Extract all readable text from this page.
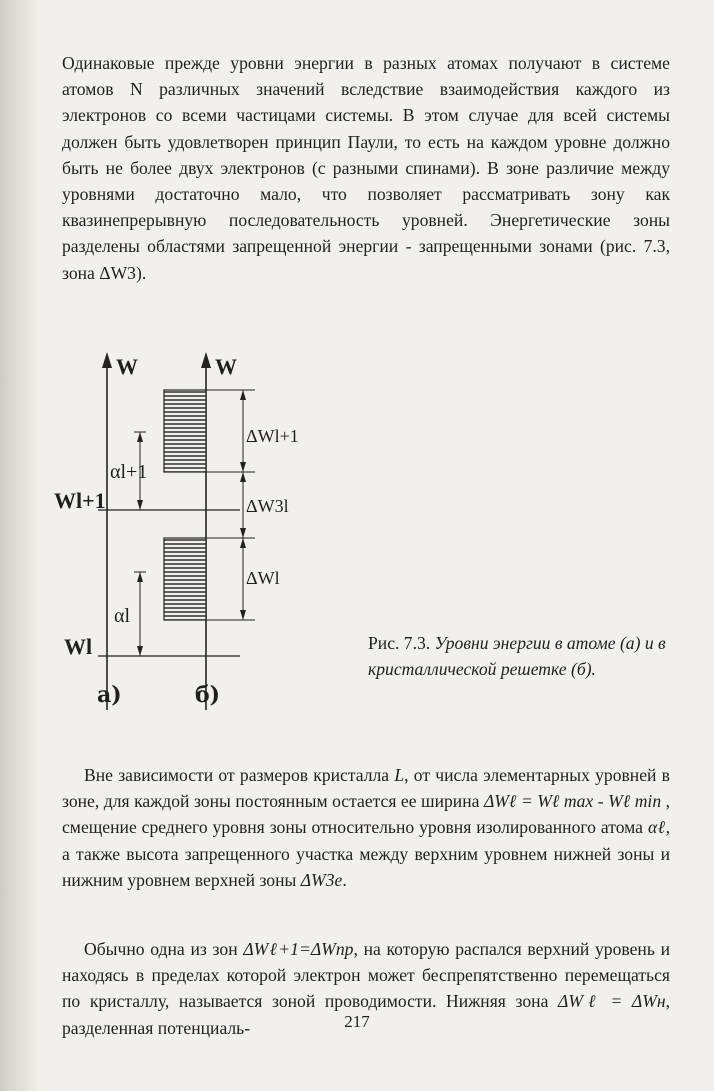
Одинаковые прежде уровни энергии в разных атомах получают в системе атомов N различных значений вследствие взаимодействия каждого из электронов со всеми частицами системы. В этом случае для всей системы должен быть удовлетворен принцип Паули, то есть на каждом уровне должно быть не более двух электронов (с разными спинами). В зоне различие между уровнями достаточно мало, что позволяет рассматривать зону как квазинепрерывную последовательность уровней. Энергетические зоны разделены областями запрещенной энергии - запрещенными зонами (рис. 7.3, зона ΔW3).

W	W
Wl+1
Wl
αl+1
αl
ΔWl+1
ΔW3l
ΔWl
а)	б)
Рис. 7.3. Уровни энергии в атоме (а) и в кристаллической решетке (б).

Вне зависимости от размеров кристалла L, от числа элементарных уровней в зоне, для каждой зоны постоянным остается ее ширина ΔWℓ = Wℓ max - Wℓ min , смещение среднего уровня зоны относительно уровня изолированного атома αℓ, а также высота запрещенного участка между верхним уровнем нижней зоны и нижним уровнем верхней зоны ΔW3e.

Обычно одна из зон ΔWℓ+1=ΔWпр, на которую распался верхний уровень и находясь в пределах которой электрон может беспрепятственно перемещаться по кристаллу, называется зоной проводимости. Нижняя зона ΔWℓ = ΔWн, разделенная потенциаль-	217
